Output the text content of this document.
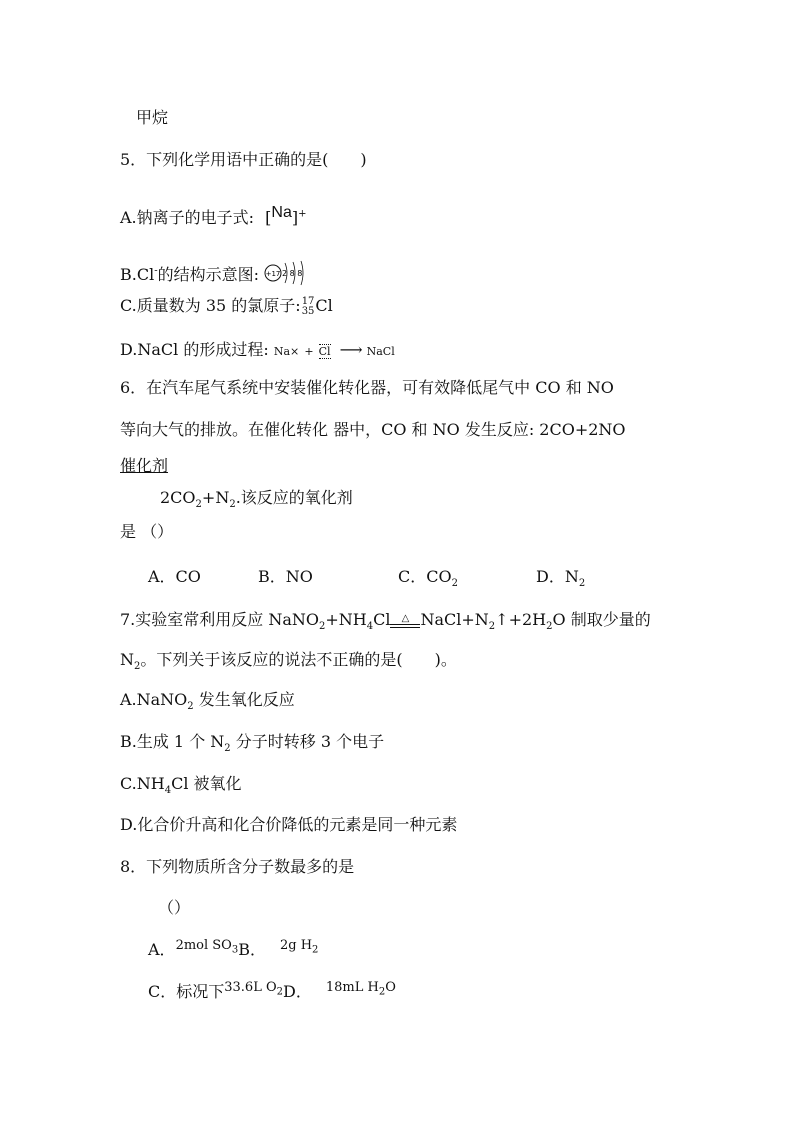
甲烷
5．下列化学用语中正确的是(　　)
A.钠离子的电子式: [Na]+
B.Cl-的结构示意图: +17 2 8 8
C.质量数为 35 的氯原子: 17
35 Cl
D.NaCl 的形成过程: Na× + Cl ⟶ NaCl
6．在汽车尾气系统中安装催化转化器，可有效降低尾气中 CO 和 NO
等向大气的排放。在催化转化 器中，CO 和 NO 发生反应: 2CO+2NO
催化剂
$2CO_2+N_2$.该反应的氧化剂
是 （）
A．CO	B．NO	C．$CO_2$	D．$N_2$
7.实验室常利用反应 $NaNO_2+NH_4Cl$	△ $NaCl+N_2↑+2H_2O$ 制取少量的
$N_2$。下列关于该反应的说法不正确的是(　　)。
A.NaNO$_2$ 发生氧化反应
B.生成 1 个 $N_2$ 分子时转移 3 个电子
$C.NH_4Cl$ 被氧化
D.化合价升高和化合价降低的元素是同一种元素
8．下列物质所含分子数最多的是
（）
A．$^{2mol SO_3}$B． $^{2g H_2}$
C．标况下$^{33.6L O_2}$D． $^{18mL H_2O}$
